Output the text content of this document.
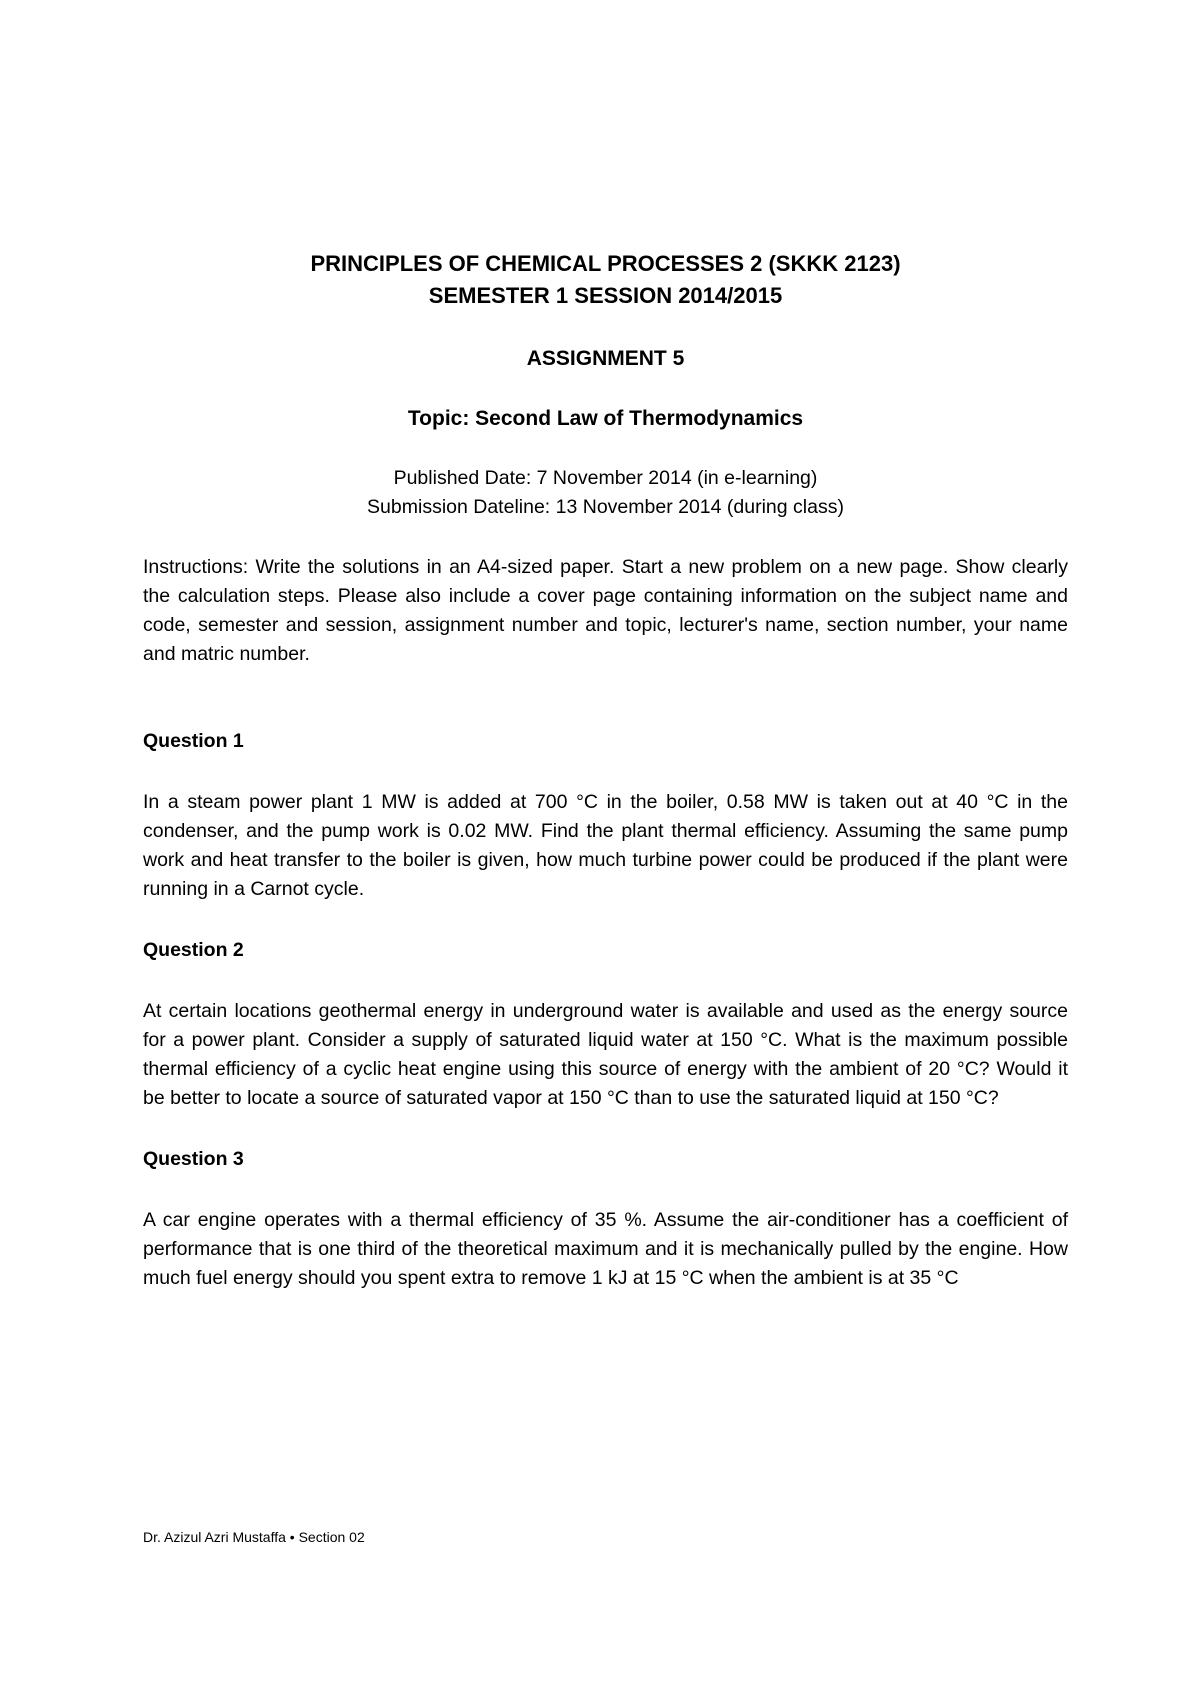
PRINCIPLES OF CHEMICAL PROCESSES 2 (SKKK 2123)

SEMESTER 1 SESSION 2014/2015

ASSIGNMENT 5

Topic: Second Law of Thermodynamics

Published Date: 7 November 2014 (in e-learning)
Submission Dateline: 13 November 2014 (during class)

Instructions: Write the solutions in an A4-sized paper. Start a new problem on a new page. Show clearly the calculation steps. Please also include a cover page containing information on the subject name and code, semester and session, assignment number and topic, lecturer's name, section number, your name and matric number.

Question 1

In a steam power plant 1 MW is added at 700 °C in the boiler, 0.58 MW is taken out at 40 °C in the condenser, and the pump work is 0.02 MW. Find the plant thermal efficiency. Assuming the same pump work and heat transfer to the boiler is given, how much turbine power could be produced if the plant were running in a Carnot cycle.

Question 2

At certain locations geothermal energy in underground water is available and used as the energy source for a power plant. Consider a supply of saturated liquid water at 150 °C. What is the maximum possible thermal efficiency of a cyclic heat engine using this source of energy with the ambient of 20 °C? Would it be better to locate a source of saturated vapor at 150 °C than to use the saturated liquid at 150 °C?

Question 3

A car engine operates with a thermal efficiency of 35 %. Assume the air-conditioner has a coefficient of performance that is one third of the theoretical maximum and it is mechanically pulled by the engine. How much fuel energy should you spent extra to remove 1 kJ at 15 °C when the ambient is at 35 °C

Dr. Azizul Azri Mustaffa • Section 02
